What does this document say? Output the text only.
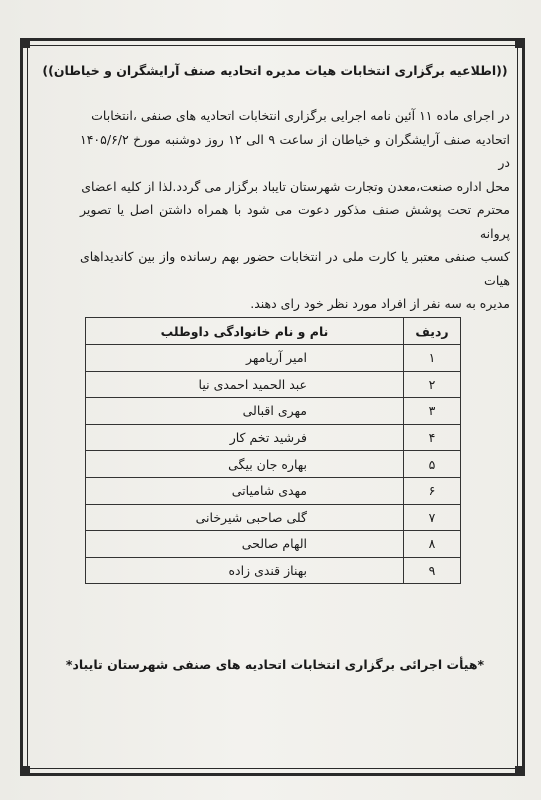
((اطلاعیه برگزاری انتخابات هیات مدیره اتحادیه صنف آرایشگران و خیاطان))
در اجرای ماده ۱۱ آئین نامه اجرایی برگزاری انتخابات اتحادیه های صنفی ،انتخابات
اتحادیه صنف آرایشگران و خیاطان از ساعت ۹ الی ۱۲ روز دوشنبه مورخ ۱۴۰۵/۶/۲ در
محل اداره صنعت،معدن وتجارت شهرستان تایباد برگزار می گردد.لذا از کلیه اعضای
محترم تحت پوشش صنف مذکور دعوت می شود با همراه داشتن اصل یا تصویر پروانه
کسب صنفی معتبر یا کارت ملی در انتخابات حضور بهم رسانده واز بین کاندیداهای هیات
مدیره به سه نفر از افراد مورد نظر خود رای دهند.
ردیف	نام و نام خانوادگی داوطلب
۱	امیر آریامهر
۲	عبد الحمید احمدی نیا
۳	مهری اقبالی
۴	فرشید تخم کار
۵	بهاره جان بیگی
۶	مهدی شامیاتی
۷	گلی صاحبی شیرخانی
۸	الهام صالحی
۹	بهناز قندی زاده
*هیأت اجرائی برگزاری انتخابات اتحادیه های صنفی شهرستان تایباد*
